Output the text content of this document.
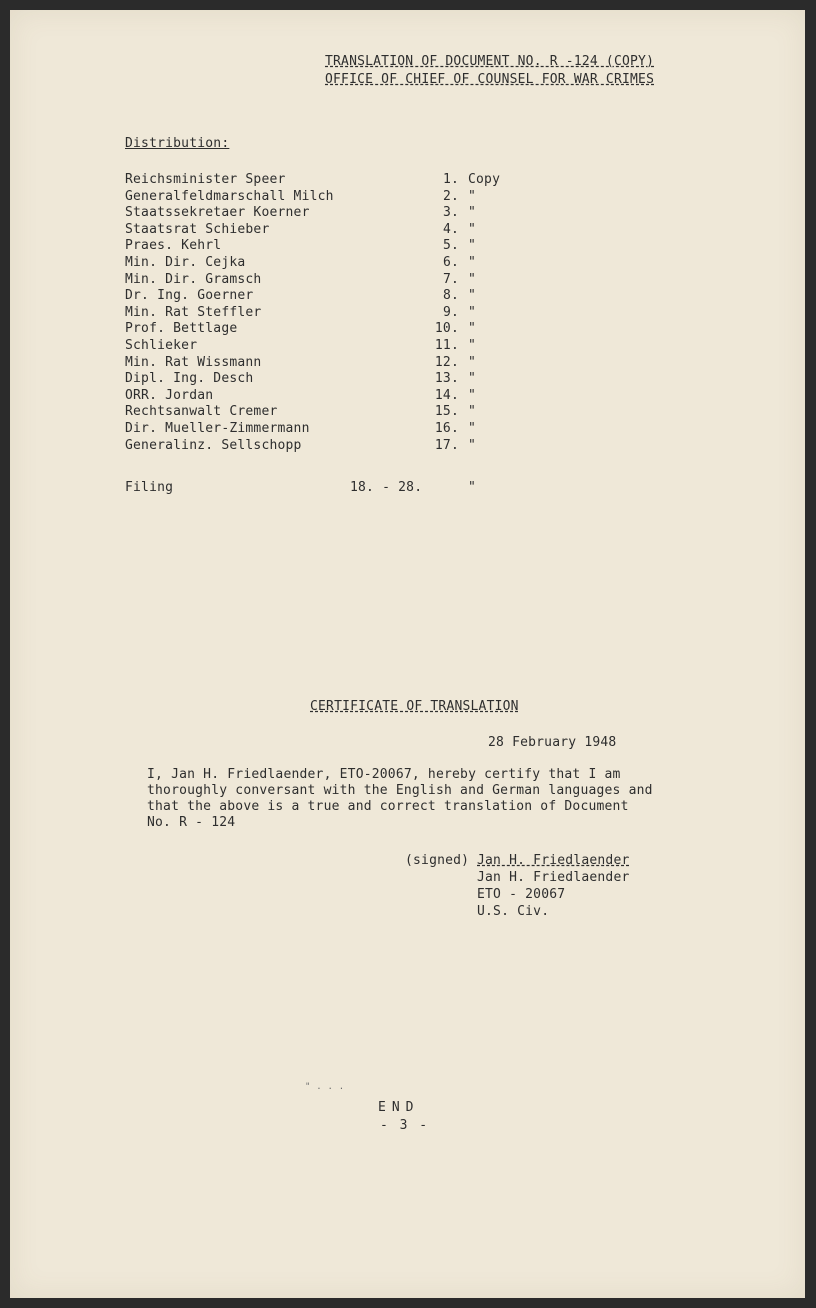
TRANSLATION OF DOCUMENT NO. R -124 (COPY)
OFFICE OF CHIEF OF COUNSEL FOR WAR CRIMES
Distribution:
Reichsminister Speer	1. Copy
Generalfeldmarschall Milch	2. "
Staatssekretaer Koerner	3. "
Staatsrat Schieber	4. "
Praes. Kehrl	5. "
Min. Dir. Cejka	6. "
Min. Dir. Gramsch	7. "
Dr. Ing. Goerner	8. "
Min. Rat Steffler	9. "
Prof. Bettlage	10. "
Schlieker	11. "
Min. Rat Wissmann	12. "
Dipl. Ing. Desch	13. "
ORR. Jordan	14. "
Rechtsanwalt Cremer	15. "
Dir. Mueller-Zimmermann	16. "
Generalinz. Sellschopp	17. "
Filing	18. - 28.	"
CERTIFICATE OF TRANSLATION
28 February 1948
I, Jan H. Friedlaender, ETO-20067, hereby certify that I am
thoroughly conversant with the English and German languages and
that the above is a true and correct translation of Document
No. R - 124
(signed) Jan H. Friedlaender
Jan H. Friedlaender
ETO - 20067
U.S. Civ.
" . . .
END
- 3 -
